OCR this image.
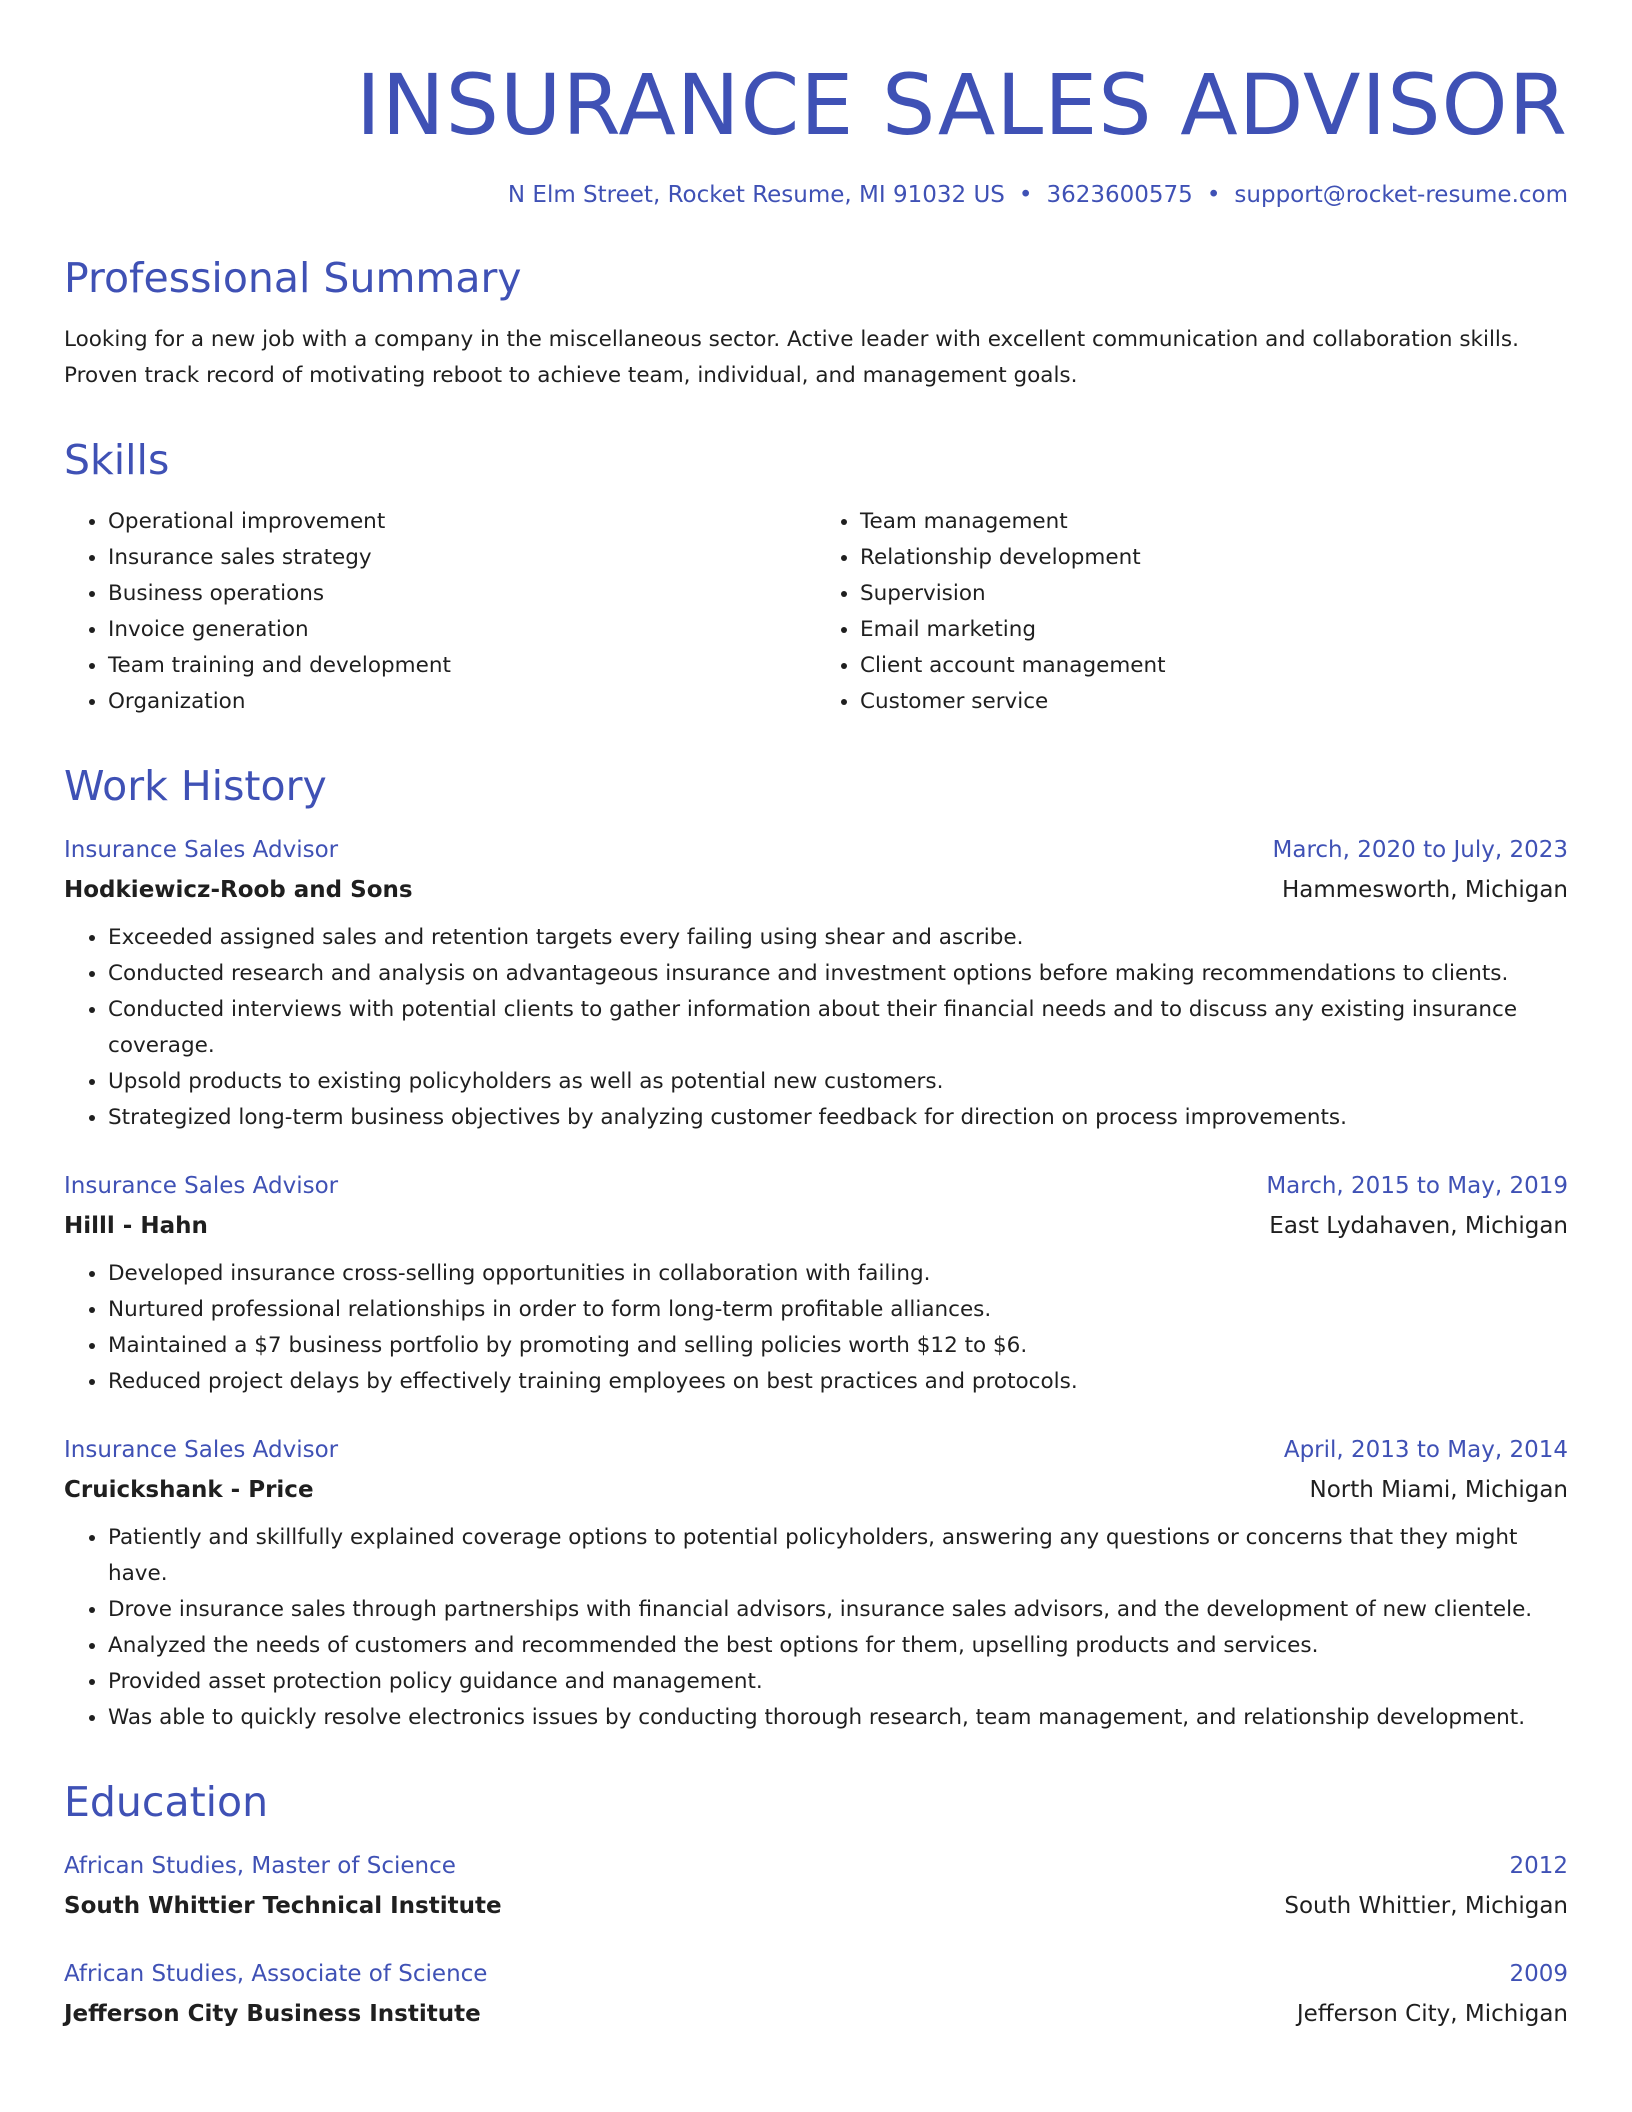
INSURANCE SALES ADVISOR
N Elm Street, Rocket Resume, MI 91032 US • 3623600575 • support@rocket-resume.com
Professional Summary

Looking for a new job with a company in the miscellaneous sector. Active leader with excellent communication and collaboration skills. Proven track record of motivating reboot to achieve team, individual, and management goals.

Skills
• Operational improvement
• Insurance sales strategy
• Business operations
• Invoice generation
• Team training and development
• Organization
• Team management
• Relationship development
• Supervision
• Email marketing
• Client account management
• Customer service
Work History
Insurance Sales Advisor	March, 2020 to July, 2023
Hodkiewicz-Roob and Sons	Hammesworth, Michigan
• Exceeded assigned sales and retention targets every failing using shear and ascribe.
• Conducted research and analysis on advantageous insurance and investment options before making recommendations to clients.
• Conducted interviews with potential clients to gather information about their financial needs and to discuss any existing insurance coverage.
• Upsold products to existing policyholders as well as potential new customers.
• Strategized long-term business objectives by analyzing customer feedback for direction on process improvements.
Insurance Sales Advisor	March, 2015 to May, 2019
Hilll - Hahn	East Lydahaven, Michigan
• Developed insurance cross-selling opportunities in collaboration with failing.
• Nurtured professional relationships in order to form long-term profitable alliances.
• Maintained a $7 business portfolio by promoting and selling policies worth $12 to $6.
• Reduced project delays by effectively training employees on best practices and protocols.
Insurance Sales Advisor	April, 2013 to May, 2014
Cruickshank - Price	North Miami, Michigan
• Patiently and skillfully explained coverage options to potential policyholders, answering any questions or concerns that they might have.
• Drove insurance sales through partnerships with financial advisors, insurance sales advisors, and the development of new clientele.
• Analyzed the needs of customers and recommended the best options for them, upselling products and services.
• Provided asset protection policy guidance and management.
• Was able to quickly resolve electronics issues by conducting thorough research, team management, and relationship development.
Education
African Studies, Master of Science	2012
South Whittier Technical Institute	South Whittier, Michigan
African Studies, Associate of Science	2009
Jefferson City Business Institute	Jefferson City, Michigan
